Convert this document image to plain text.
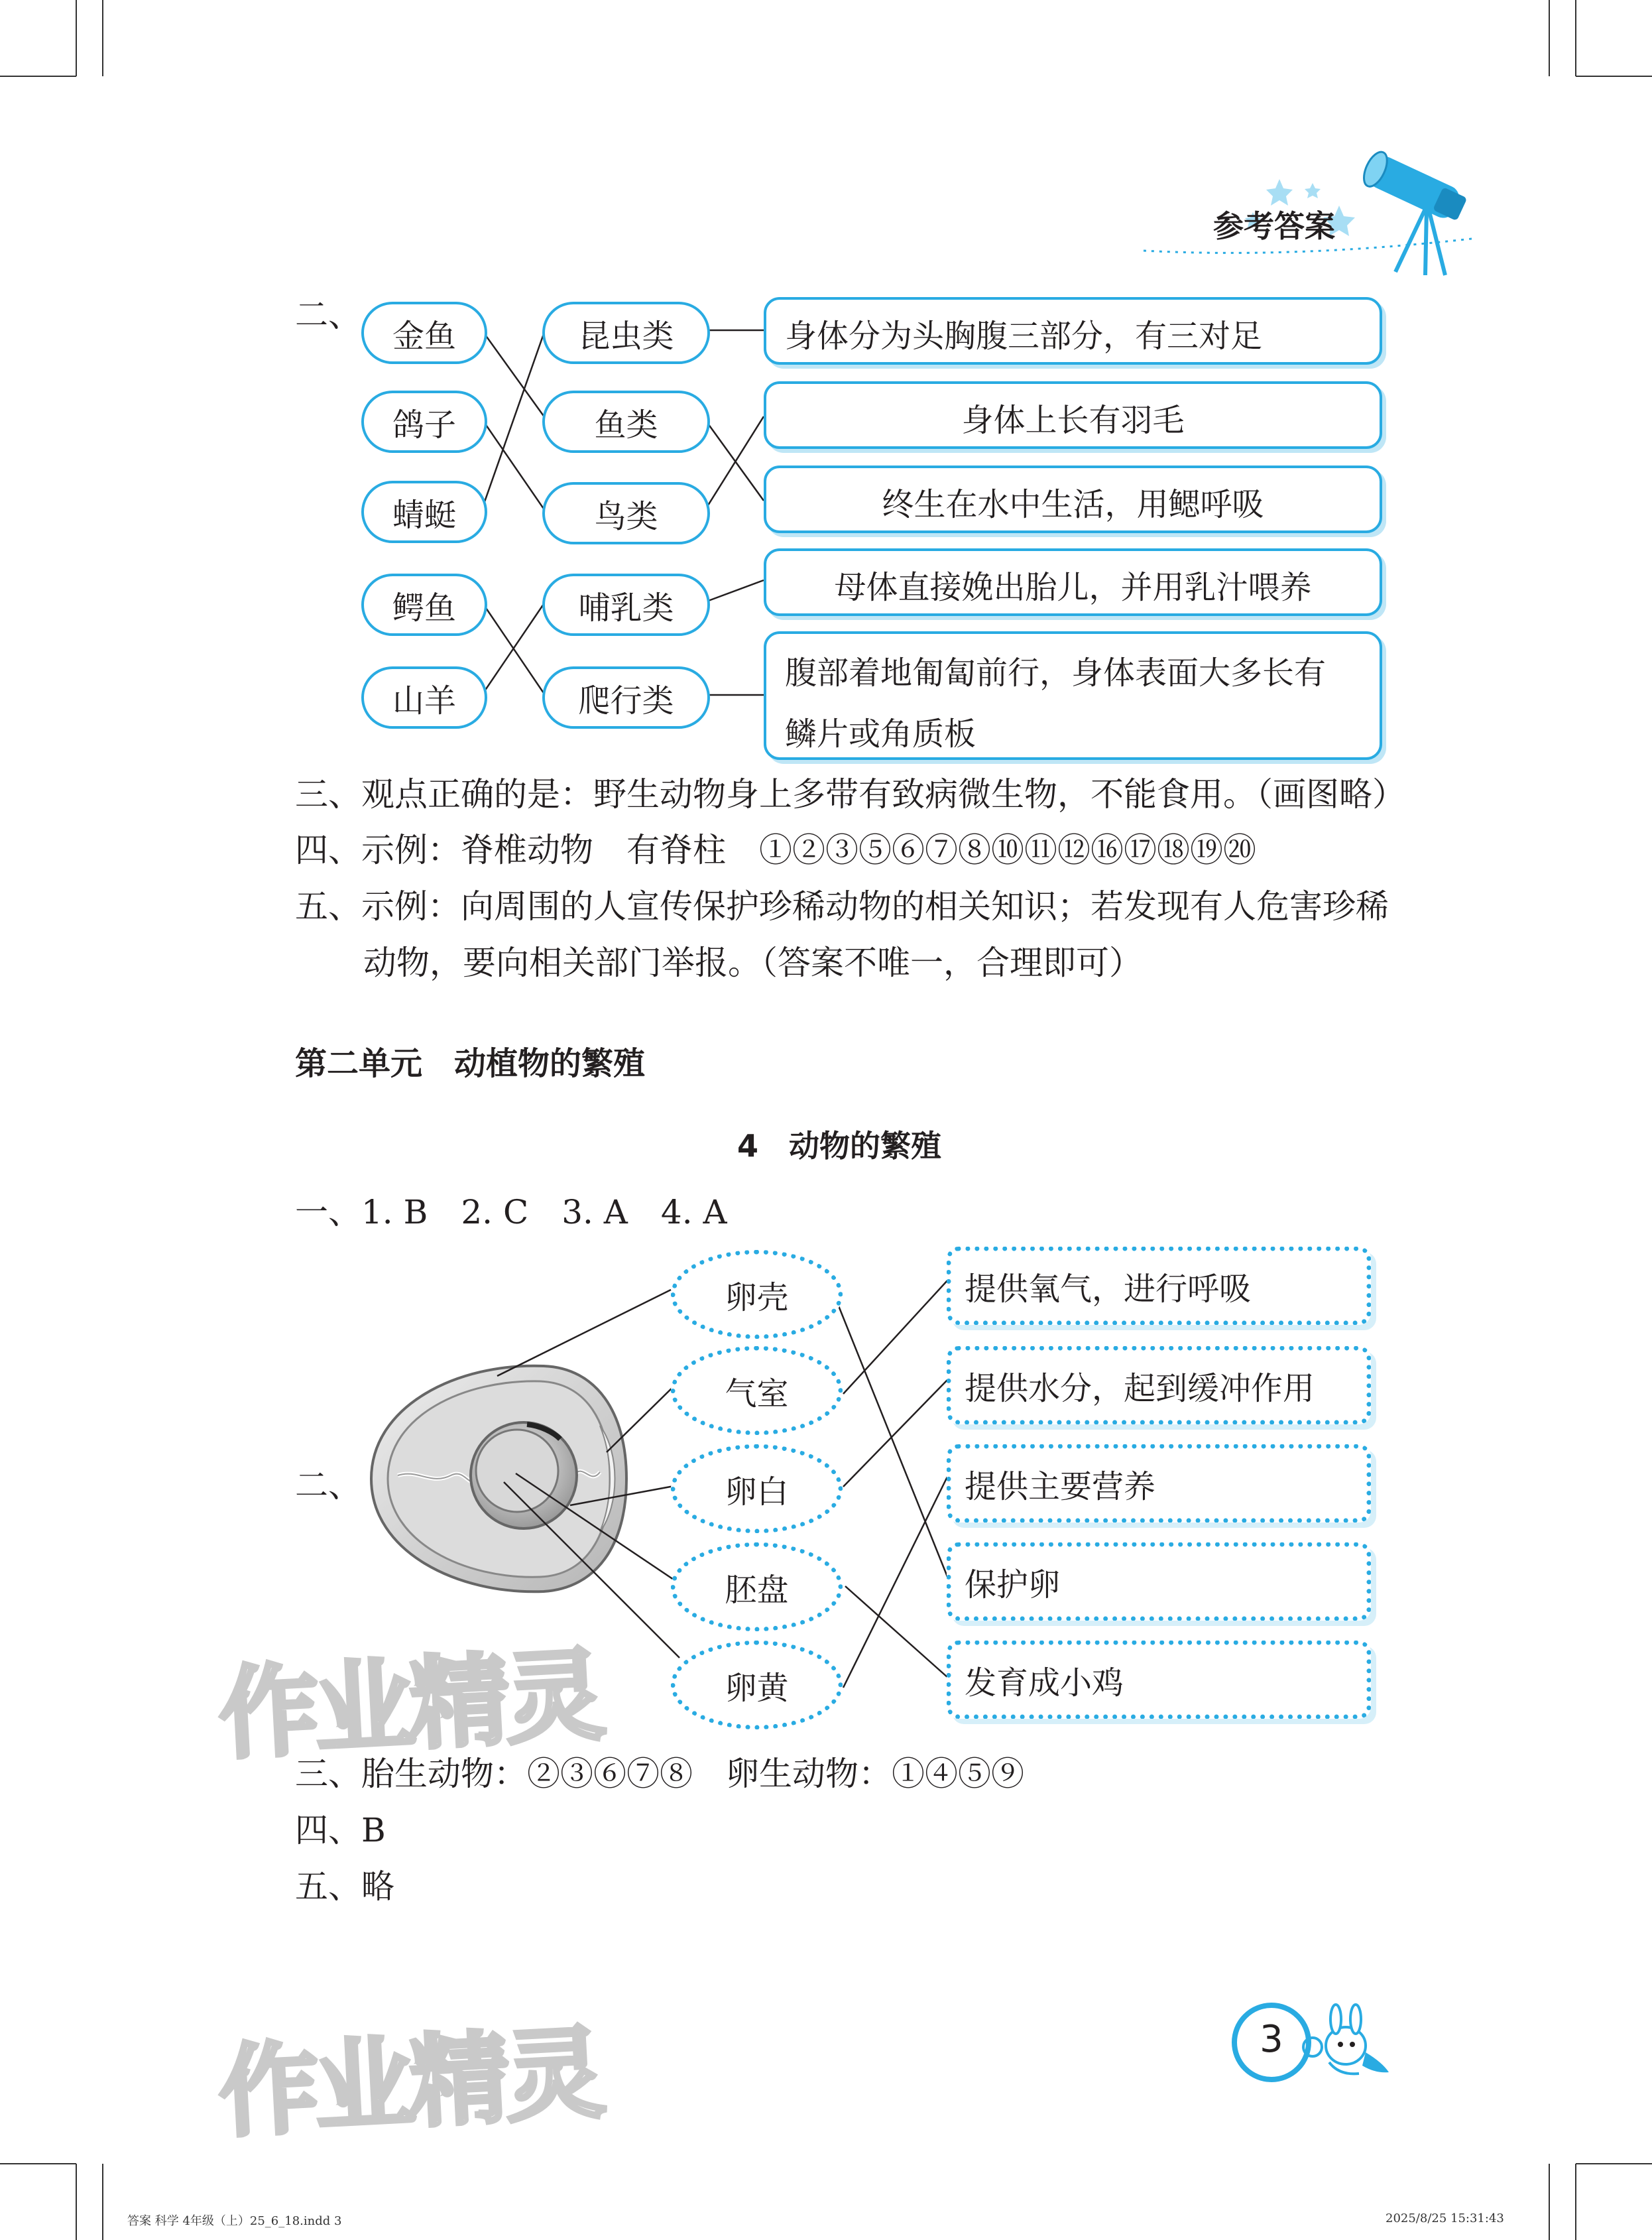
参考答案
二、
金鱼
鸽子
蜻蜓
鳄鱼
山羊
昆虫类
鱼类
鸟类
哺乳类
爬行类
身体分为头胸腹三部分，有三对足
身体上长有羽毛
终生在水中生活，用鳃呼吸
母体直接娩出胎儿，并用乳汁喂养
腹部着地匍匐前行，身体表面大多长有
鳞片或角质板
三、观点正确的是：野生动物身上多带有致病微生物，不能食用。（画图略）
四、示例：脊椎动物　有脊柱　①②③⑤⑥⑦⑧⑩⑪⑫⑯⑰⑱⑲⑳
五、示例：向周围的人宣传保护珍稀动物的相关知识；若发现有人危害珍稀
动物，要向相关部门举报。（答案不唯一，合理即可）
第二单元　动植物的繁殖
4　动物的繁殖
一、1. B　2. C　3. A　4. A
二、
卵壳
气室
卵白
胚盘
卵黄
提供氧气，进行呼吸
提供水分，起到缓冲作用
提供主要营养
保护卵
发育成小鸡
作业精灵
三、胎生动物：②③⑥⑦⑧　卵生动物：①④⑤⑨
四、B
五、略
作业精灵	3
答案 科学 4年级（上）25_6_18.indd 3	2025/8/25 15:31:43
